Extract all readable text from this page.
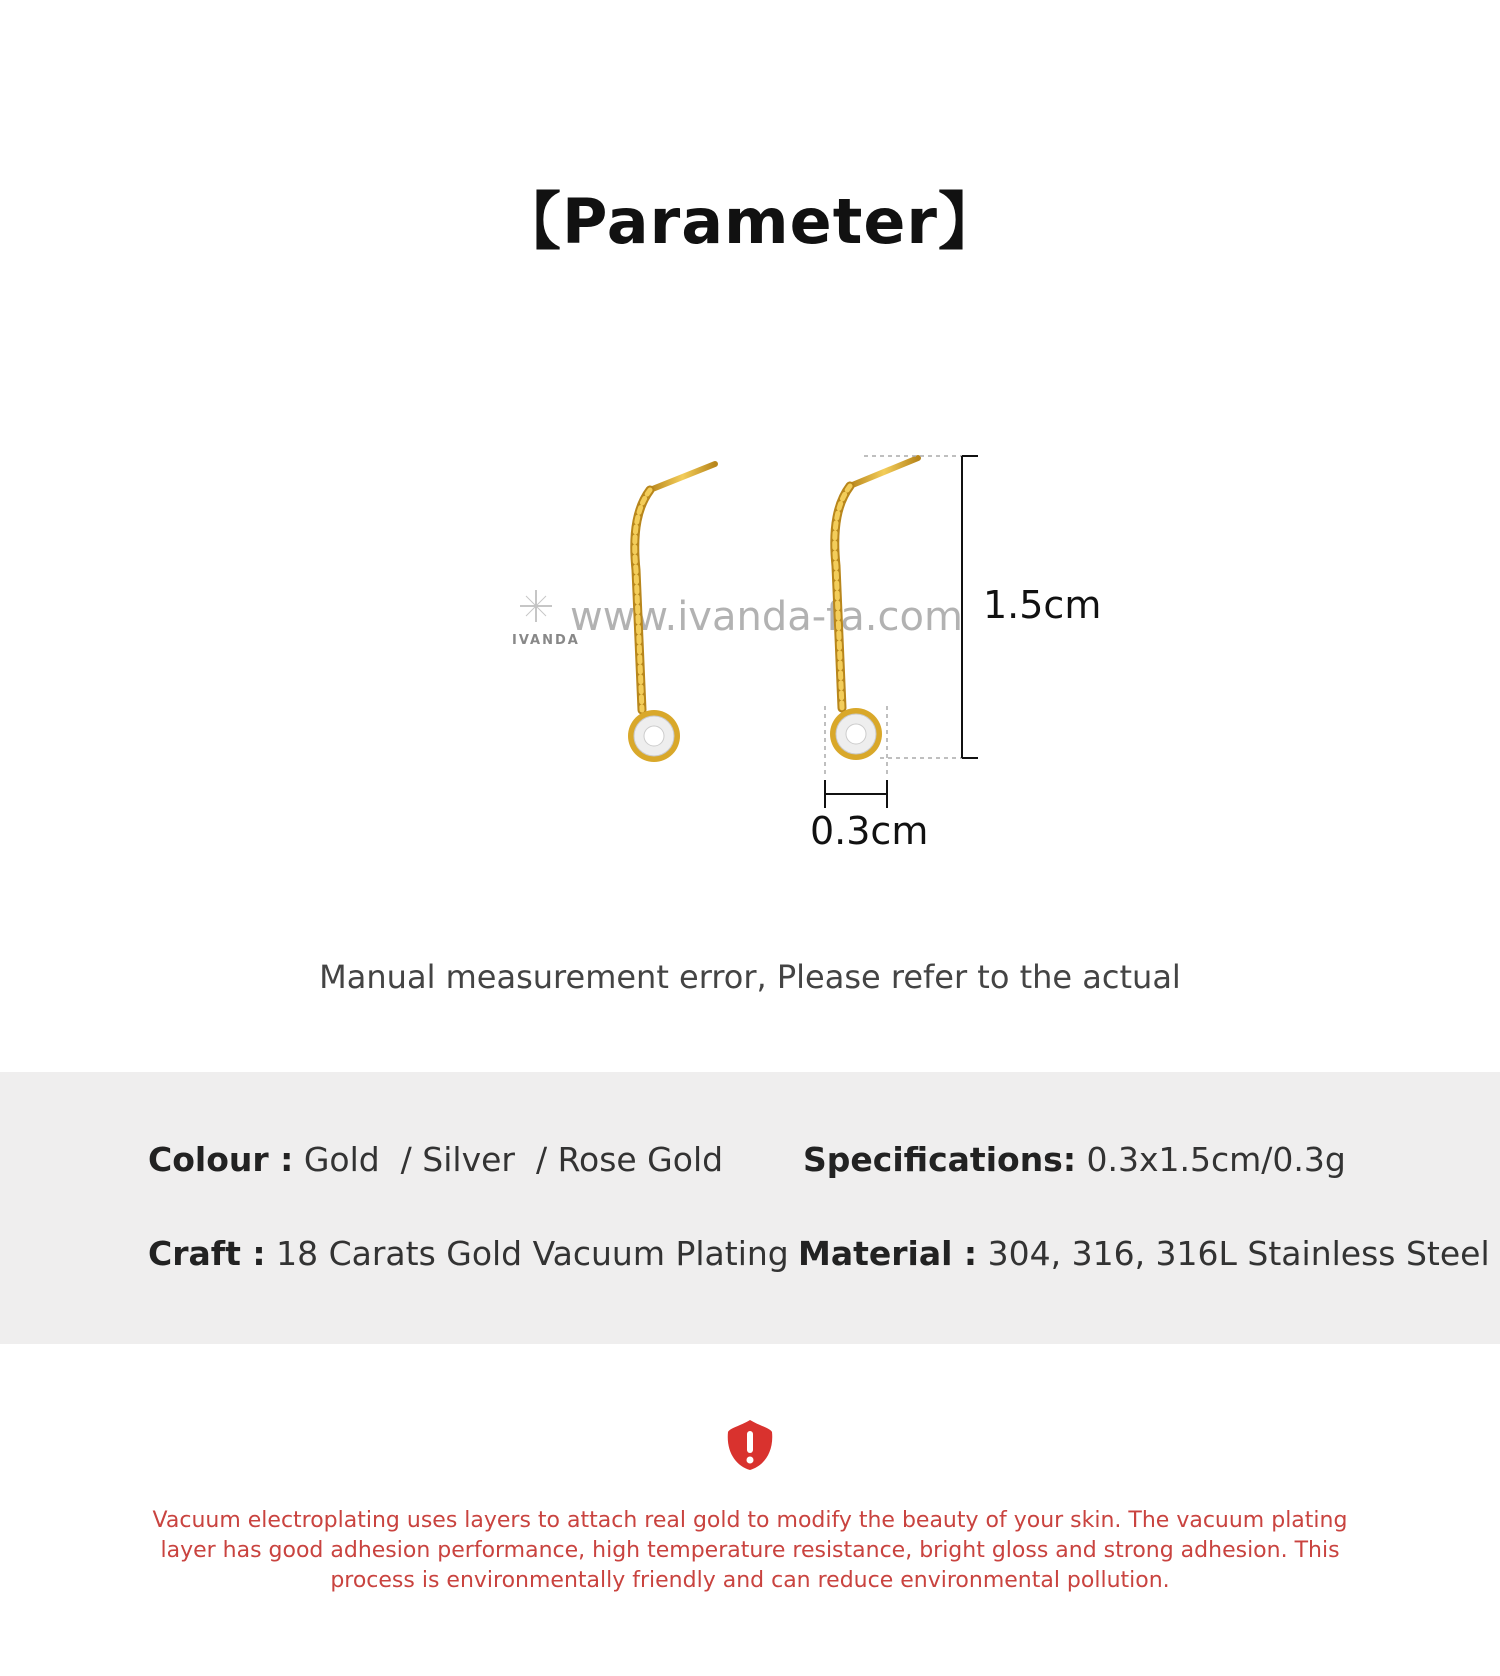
【Parameter】
IVANDA
www.ivanda-fa.com 1.5cm
0.3cm
Manual measurement error, Please refer to the actual
Colour : Gold  / Silver  / Rose Gold Specifications: 0.3x1.5cm/0.3g
Craft : 18 Carats Gold Vacuum Plating Material : 304, 316, 316L Stainless Steel
Vacuum electroplating uses layers to attach real gold to modify the beauty of your skin. The vacuum plating layer has good adhesion performance, high temperature resistance, bright gloss and strong adhesion. This process is environmentally friendly and can reduce environmental pollution.
